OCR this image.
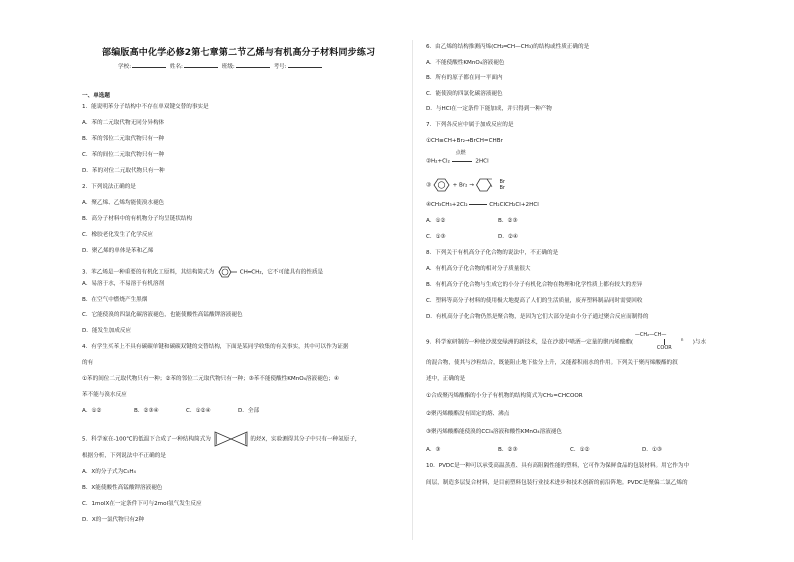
部编版高中化学必修2第七章第二节乙烯与有机高分子材料同步练习
学校:	姓名:	班级:	考号:
一、单选题
1．能说明苯分子结构中不存在单双键交替的事实是
A．苯的二元取代物无同分异构体
B．苯的邻位二元取代物只有一种
C．苯的间位二元取代物只有一种
D．苯的对位二元取代物只有一种
2．下列说法正确的是
A．聚乙烯、乙烯均能使溴水褪色
B．高分子材料中的有机物分子均呈链状结构
C．橡胶老化发生了化学反应
D．聚乙烯的单体是苯和乙烯
3．苯乙烯是一种重要的有机化工原料，其结构简式为	CH═CH₂，它不可能具有的性质是
A．易溶于水，不易溶于有机溶剂
B．在空气中燃烧产生黑烟
C．它能使溴的四氯化碳溶液褪色，也能使酸性高锰酸钾溶液褪色
D．能发生加成反应
4．有学生买苯上不具有碳碳单键和碳碳双键的交替结构，下面是某同学收集的有关事实，其中可以作为证据
的有
①苯的间位二元取代物只有一种；②苯的邻位二元取代物只有一种；③苯不能使酸性KMnO₄溶液褪色；④
苯不能与溴水反应
A．①②	B．②③④	C．①②④	D．全部
5．科学家在-100℃的低温下合成了一种结构简式为	的烃X，实验测得其分子中只有一种氢原子，
根据分析，下列说法中不正确的是
A．X的分子式为C₅H₄
B．X能使酸性高锰酸钾溶液褪色
C．1molX在一定条件下可与2mol氢气发生反应
D．X的一氯代物只有2种
6．由乙烯的结构推测丙烯(CH₂═CH—CH₃)的结构或性质正确的是
A．不能使酸性KMnO₄溶液褪色
B．所有的原子都在同一平面内
C．能使溴的四氯化碳溶液褪色
D．与HCl在一定条件下能加成，并只得到一种产物
7．下列各反应中属于加成反应的是
①CH≡CH+Br₂→BrCH=CHBr
②H₂+Cl₂
点燃
2HCl
③	+ Br₂ →  Br
Br
④CH₃CH₃+2Cl₂	CH₂ClCH₂Cl+2HCl
A．①②	B．②③
C．①③	D．②④
8．下列关于有机高分子化合物的说法中，不正确的是
A．有机高分子化合物的相对分子质量很大
B．有机高分子化合物与生成它的小分子有机化合物在物理和化学性质上都有较大的差异
C．塑料等高分子材料的使用极大地提高了人们的生活质量，废弃塑料制品同时需要回收
D．有机高分子化合物仍然是聚合物，是因为它们大部分是由小分子通过聚合反应而制得的
9．科学家研制的一种使沙漠变绿洲的新技术，是在沙漠中喷洒一定量的聚丙烯酸酯(
—CH₂—CH—
n
COOR
)与水
的混合物，使其与沙粒结合，既能阻止地下盐分上升，又能蓄积雨水的作用。下列关于聚丙烯酸酯的叙
述中，正确的是
①合成聚丙烯酸酯的小分子有机物的结构简式为CH₂=CHCOOR
②聚丙烯酸酯没有固定的熔、沸点
③聚丙烯酸酯能使溴的CCl₄溶液和酸性KMnO₄溶液褪色
A．③	B．②③	C．①②	D．①③
10．PVDC是一种可以承受高温蒸煮、具有高阻隔性能的塑料，它可作为保鲜食品的包装材料。用它作为中
间层，制造多层复合材料，是目前塑料包装行业技术进步和技术创新的前沿阵地。PVDC是聚偏二氯乙烯的
